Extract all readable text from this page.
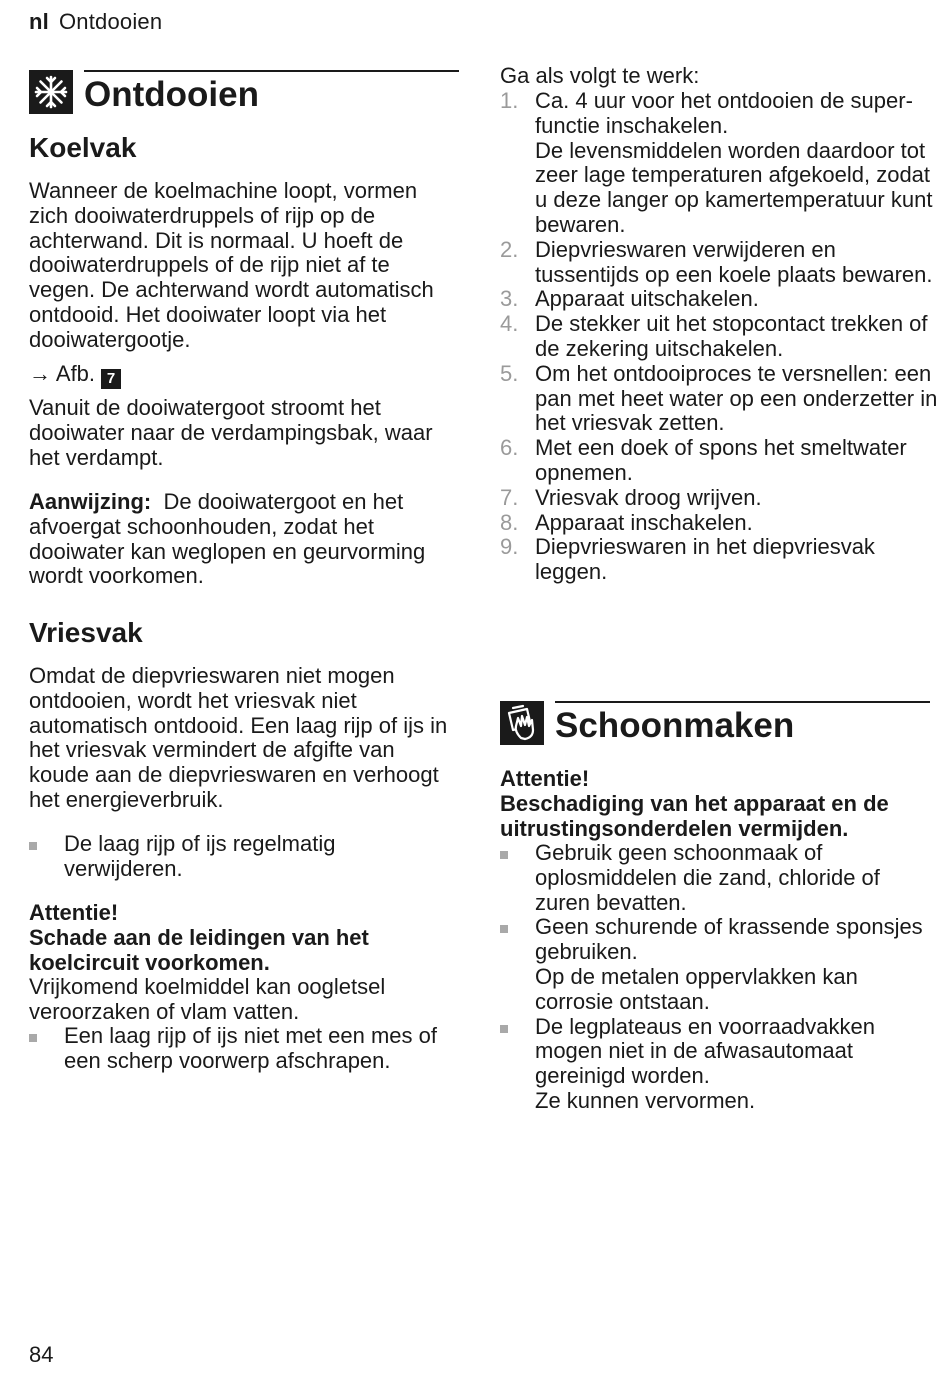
nl Ontdooien
Ontdooien
Koelvak

Wanneer de koelmachine loopt, vormen zich dooiwaterdruppels of rijp op de achterwand. Dit is normaal. U hoeft de dooiwaterdruppels of de rijp niet af te vegen. De achterwand wordt automatisch ontdooid. Het dooiwater loopt via het dooiwatergootje.

→ Afb. 7

Vanuit de dooiwatergoot stroomt het dooiwater naar de verdampingsbak, waar het verdampt.

Aanwijzing: De dooiwatergoot en het afvoergat schoonhouden, zodat het dooiwater kan weglopen en geurvorming wordt voorkomen.

Vriesvak

Omdat de diepvrieswaren niet mogen ontdooien, wordt het vriesvak niet automatisch ontdooid. Een laag rijp of ijs in het vriesvak vermindert de afgifte van koude aan de diepvrieswaren en verhoogt het energieverbruik.

De laag rijp of ijs regelmatig verwijderen.
Attentie!
Schade aan de leidingen van het koelcircuit voorkomen.
Vrijkomend koelmiddel kan oogletsel veroorzaken of vlam vatten.
Een laag rijp of ijs niet met een mes of een scherp voorwerp afschrapen.

Ga als volgt te werk:

1. Ca. 4 uur voor het ontdooien de super-functie inschakelen.
De levensmiddelen worden daardoor tot zeer lage temperaturen afgekoeld, zodat u deze langer op kamertemperatuur kunt bewaren.
2. Diepvrieswaren verwijderen en tussentijds op een koele plaats bewaren.
3. Apparaat uitschakelen.
4. De stekker uit het stopcontact trekken of de zekering uitschakelen.
5. Om het ontdooiproces te versnellen: een pan met heet water op een onderzetter in het vriesvak zetten.
6. Met een doek of spons het smeltwater opnemen.
7. Vriesvak droog wrijven.
8. Apparaat inschakelen.
9. Diepvrieswaren in het diepvriesvak leggen.
Schoonmaken
Attentie!
Beschadiging van het apparaat en de uitrustingsonderdelen vermijden.
Gebruik geen schoonmaak of oplosmiddelen die zand, chloride of zuren bevatten.
Geen schurende of krassende sponsjes gebruiken.
Op de metalen oppervlakken kan corrosie ontstaan.
De legplateaus en voorraadvakken mogen niet in de afwasautomaat gereinigd worden.
Ze kunnen vervormen.
84
